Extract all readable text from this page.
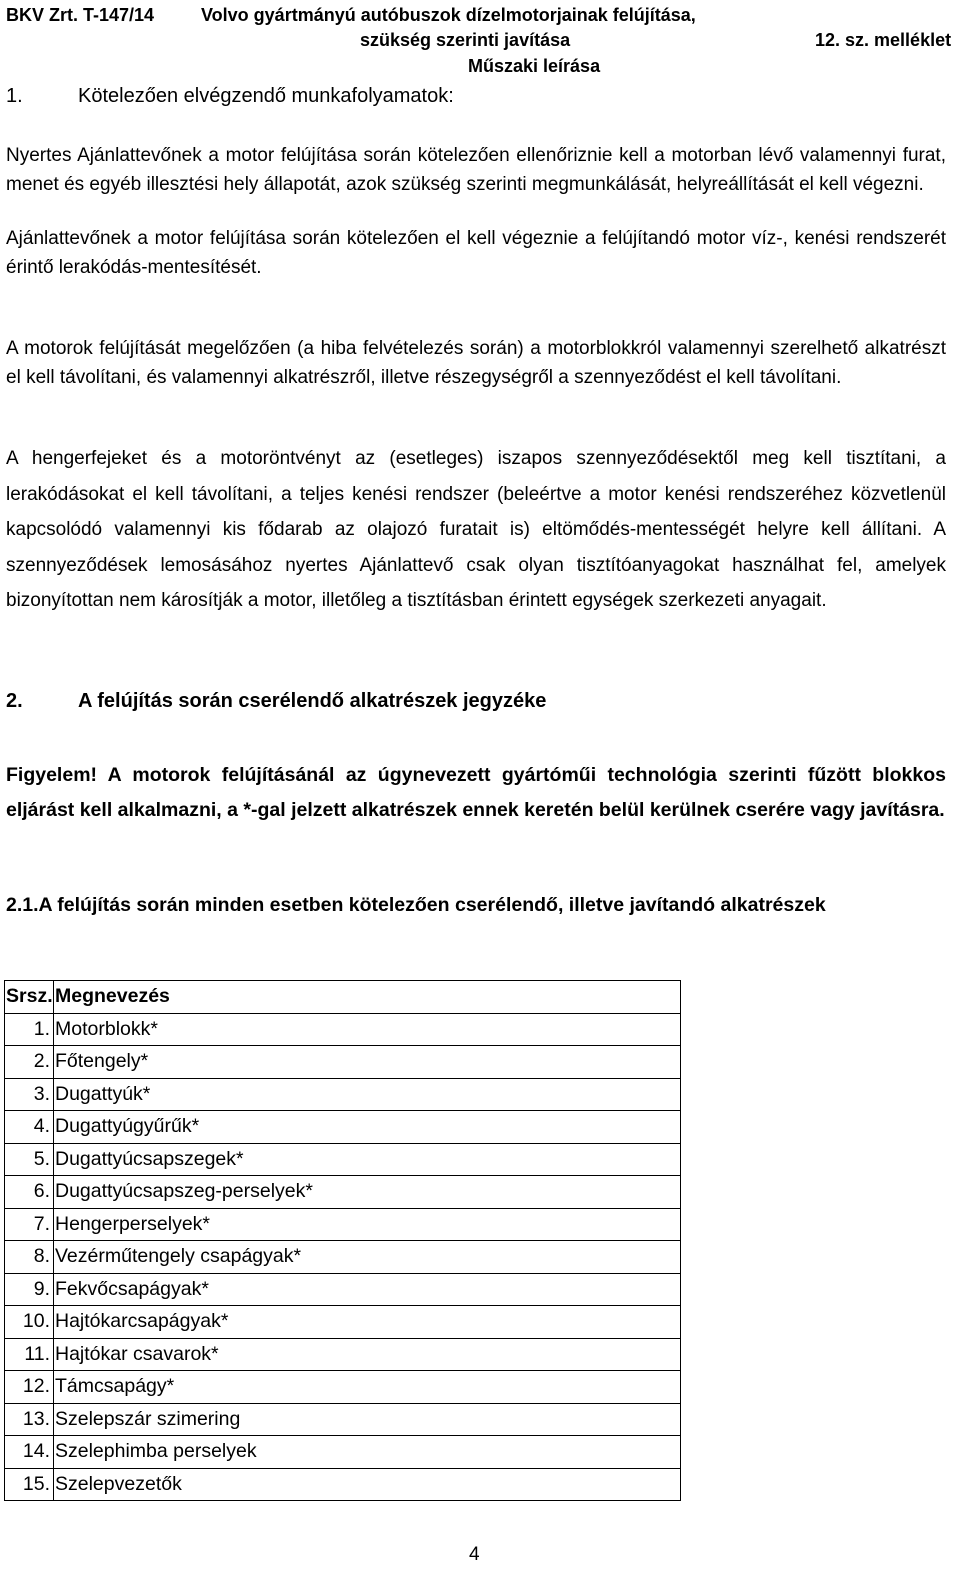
BKV Zrt. T-147/14	Volvo gyártmányú autóbuszok dízelmotorjainak felújítása,
szükség szerinti javítása	12. sz. melléklet
Műszaki leírása
1.	Kötelezően elvégzendő munkafolyamatok:
Nyertes Ajánlattevőnek a motor felújítása során kötelezően ellenőriznie kell a motorban lévő valamennyi furat, menet és egyéb illesztési hely állapotát, azok szükség szerinti megmunkálását, helyreállítását el kell végezni.
Ajánlattevőnek a motor felújítása során kötelezően el kell végeznie a felújítandó motor víz-, kenési rendszerét érintő lerakódás-mentesítését.
A motorok felújítását megelőzően (a hiba felvételezés során) a motorblokkról valamennyi szerelhető alkatrészt el kell távolítani, és valamennyi alkatrészről, illetve részegységről a szennyeződést el kell távolítani.
A hengerfejeket és a motoröntvényt az (esetleges) iszapos szennyeződésektől meg kell tisztítani, a lerakódásokat el kell távolítani, a teljes kenési rendszer (beleértve a motor kenési rendszeréhez közvetlenül kapcsolódó valamennyi kis fődarab az olajozó furatait is) eltömődés-mentességét helyre kell állítani. A szennyeződések lemosásához nyertes Ajánlattevő csak olyan tisztítóanyagokat használhat fel, amelyek bizonyítottan nem károsítják a motor, illetőleg a tisztításban érintett egységek szerkezeti anyagait.
2.	A felújítás során cserélendő alkatrészek jegyzéke
Figyelem! A motorok felújításánál az úgynevezett gyártóműi technológia szerinti fűzött blokkos eljárást kell alkalmazni, a *-gal jelzett alkatrészek ennek keretén belül kerülnek cserére vagy javításra.
2.1.A felújítás során minden esetben kötelezően cserélendő, illetve javítandó alkatrészek
Srsz.	Megnevezés
1.	Motorblokk*
2.	Főtengely*
3.	Dugattyúk*
4.	Dugattyúgyűrűk*
5.	Dugattyúcsapszegek*
6.	Dugattyúcsapszeg-perselyek*
7.	Hengerperselyek*
8.	Vezérműtengely csapágyak*
9.	Fekvőcsapágyak*
10.	Hajtókarcsapágyak*
11.	Hajtókar csavarok*
12.	Támcsapágy*
13.	Szelepszár szimering
14.	Szelephimba perselyek
15.	Szelepvezetők
4
